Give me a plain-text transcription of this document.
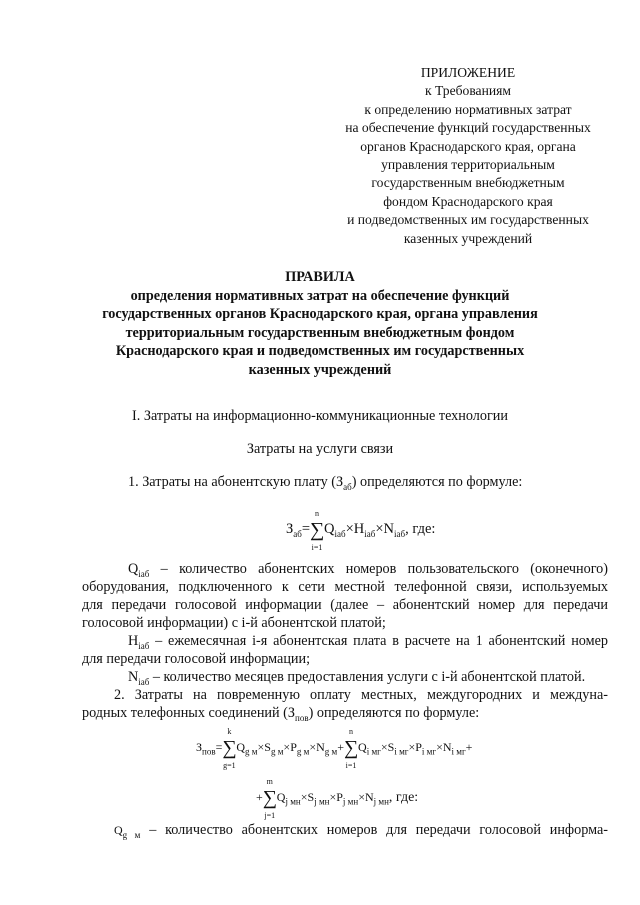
ПРИЛОЖЕНИЕ
к Требованиям
к определению нормативных затрат
на обеспечение функций государственных
органов Краснодарского края, органа
управления территориальным
государственным внебюджетным
фондом Краснодарского края
и подведомственных им государственных
казенных учреждений
ПРАВИЛА
определения нормативных затрат на обеспечение функций
государственных органов Краснодарского края, органа управления
территориальным государственным внебюджетным фондом
Краснодарского края и подведомственных им государственных
казенных учреждений
I. Затраты на информационно-коммуникационные технологии
Затраты на услуги связи
1. Затраты на абонентскую плату $(З_{аб})$ определяются по формуле:
$З_{аб}=\sum$
n
i=1
$Q_{iаб}\times H_{iаб}\times N_{iаб}$, где:
$Q_{iаб}$ – количество абонентских номеров пользовательского (оконечного)
оборудования, подключенного к сети местной телефонной связи, используемых
для передачи голосовой информации (далее – абонентский номер для передачи
голосовой информации) с i-й абонентской платой;
$H_{iаб}$ – ежемесячная i-я абонентская плата в расчете на 1 абонентский номер
для передачи голосовой информации;
$N_{iаб}$ – количество месяцев предоставления услуги с i-й абонентской платой.
2. Затраты на повременную оплату местных, междугородних и междуна-
родных телефонных соединений $(З_{пов})$ определяются по формуле:
$З_{пов}=\sum$
k
g=1
$Q_{g м}\times S_{g м}\times P_{g м}\times N_{g м}+\sum$
n
i=1
$Q_{i мг}\times S_{i мг}\times P_{i мг}\times N_{i мг}+$
+∑
m
j=1
$Q_{j мн}\times S_{j мн}\times P_{j мн}\times N_{j мн}$, где:
$Q_{g м}$ – количество абонентских номеров для передачи голосовой информа-
